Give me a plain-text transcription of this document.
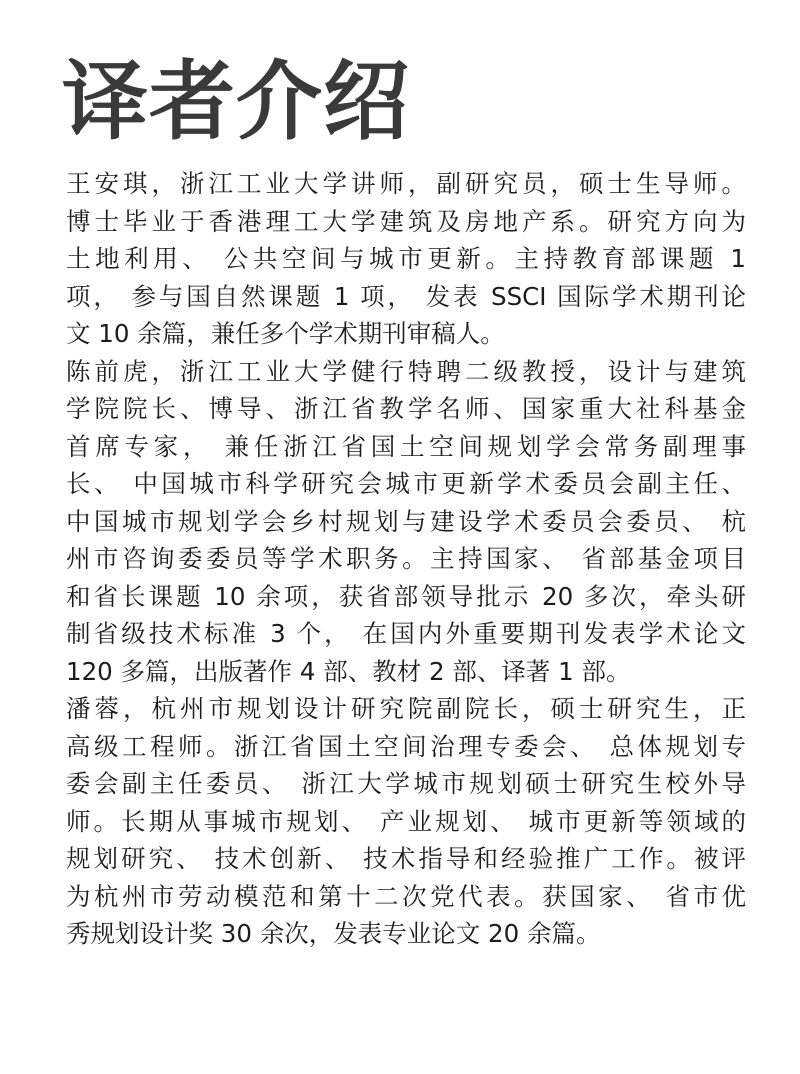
译者介绍
王安琪，浙江工业大学讲师，副研究员，硕士生导师。
博士毕业于香港理工大学建筑及房地产系。研究方向为
土地利用、 公共空间与城市更新。主持教育部课题 1
项， 参与国自然课题 1 项， 发表 SSCI 国际学术期刊论
文 10 余篇，兼任多个学术期刊审稿人。
陈前虎，浙江工业大学健行特聘二级教授，设计与建筑
学院院长、博导、浙江省教学名师、国家重大社科基金
首席专家， 兼任浙江省国土空间规划学会常务副理事
长、 中国城市科学研究会城市更新学术委员会副主任、
中国城市规划学会乡村规划与建设学术委员会委员、 杭
州市咨询委委员等学术职务。主持国家、 省部基金项目
和省长课题 10 余项，获省部领导批示 20 多次，牵头研
制省级技术标准 3 个， 在国内外重要期刊发表学术论文
120 多篇，出版著作 4 部、教材 2 部、译著 1 部。
潘蓉，杭州市规划设计研究院副院长，硕士研究生，正
高级工程师。浙江省国土空间治理专委会、 总体规划专
委会副主任委员、 浙江大学城市规划硕士研究生校外导
师。长期从事城市规划、 产业规划、 城市更新等领域的
规划研究、 技术创新、 技术指导和经验推广工作。被评
为杭州市劳动模范和第十二次党代表。获国家、 省市优
秀规划设计奖 30 余次，发表专业论文 20 余篇。
